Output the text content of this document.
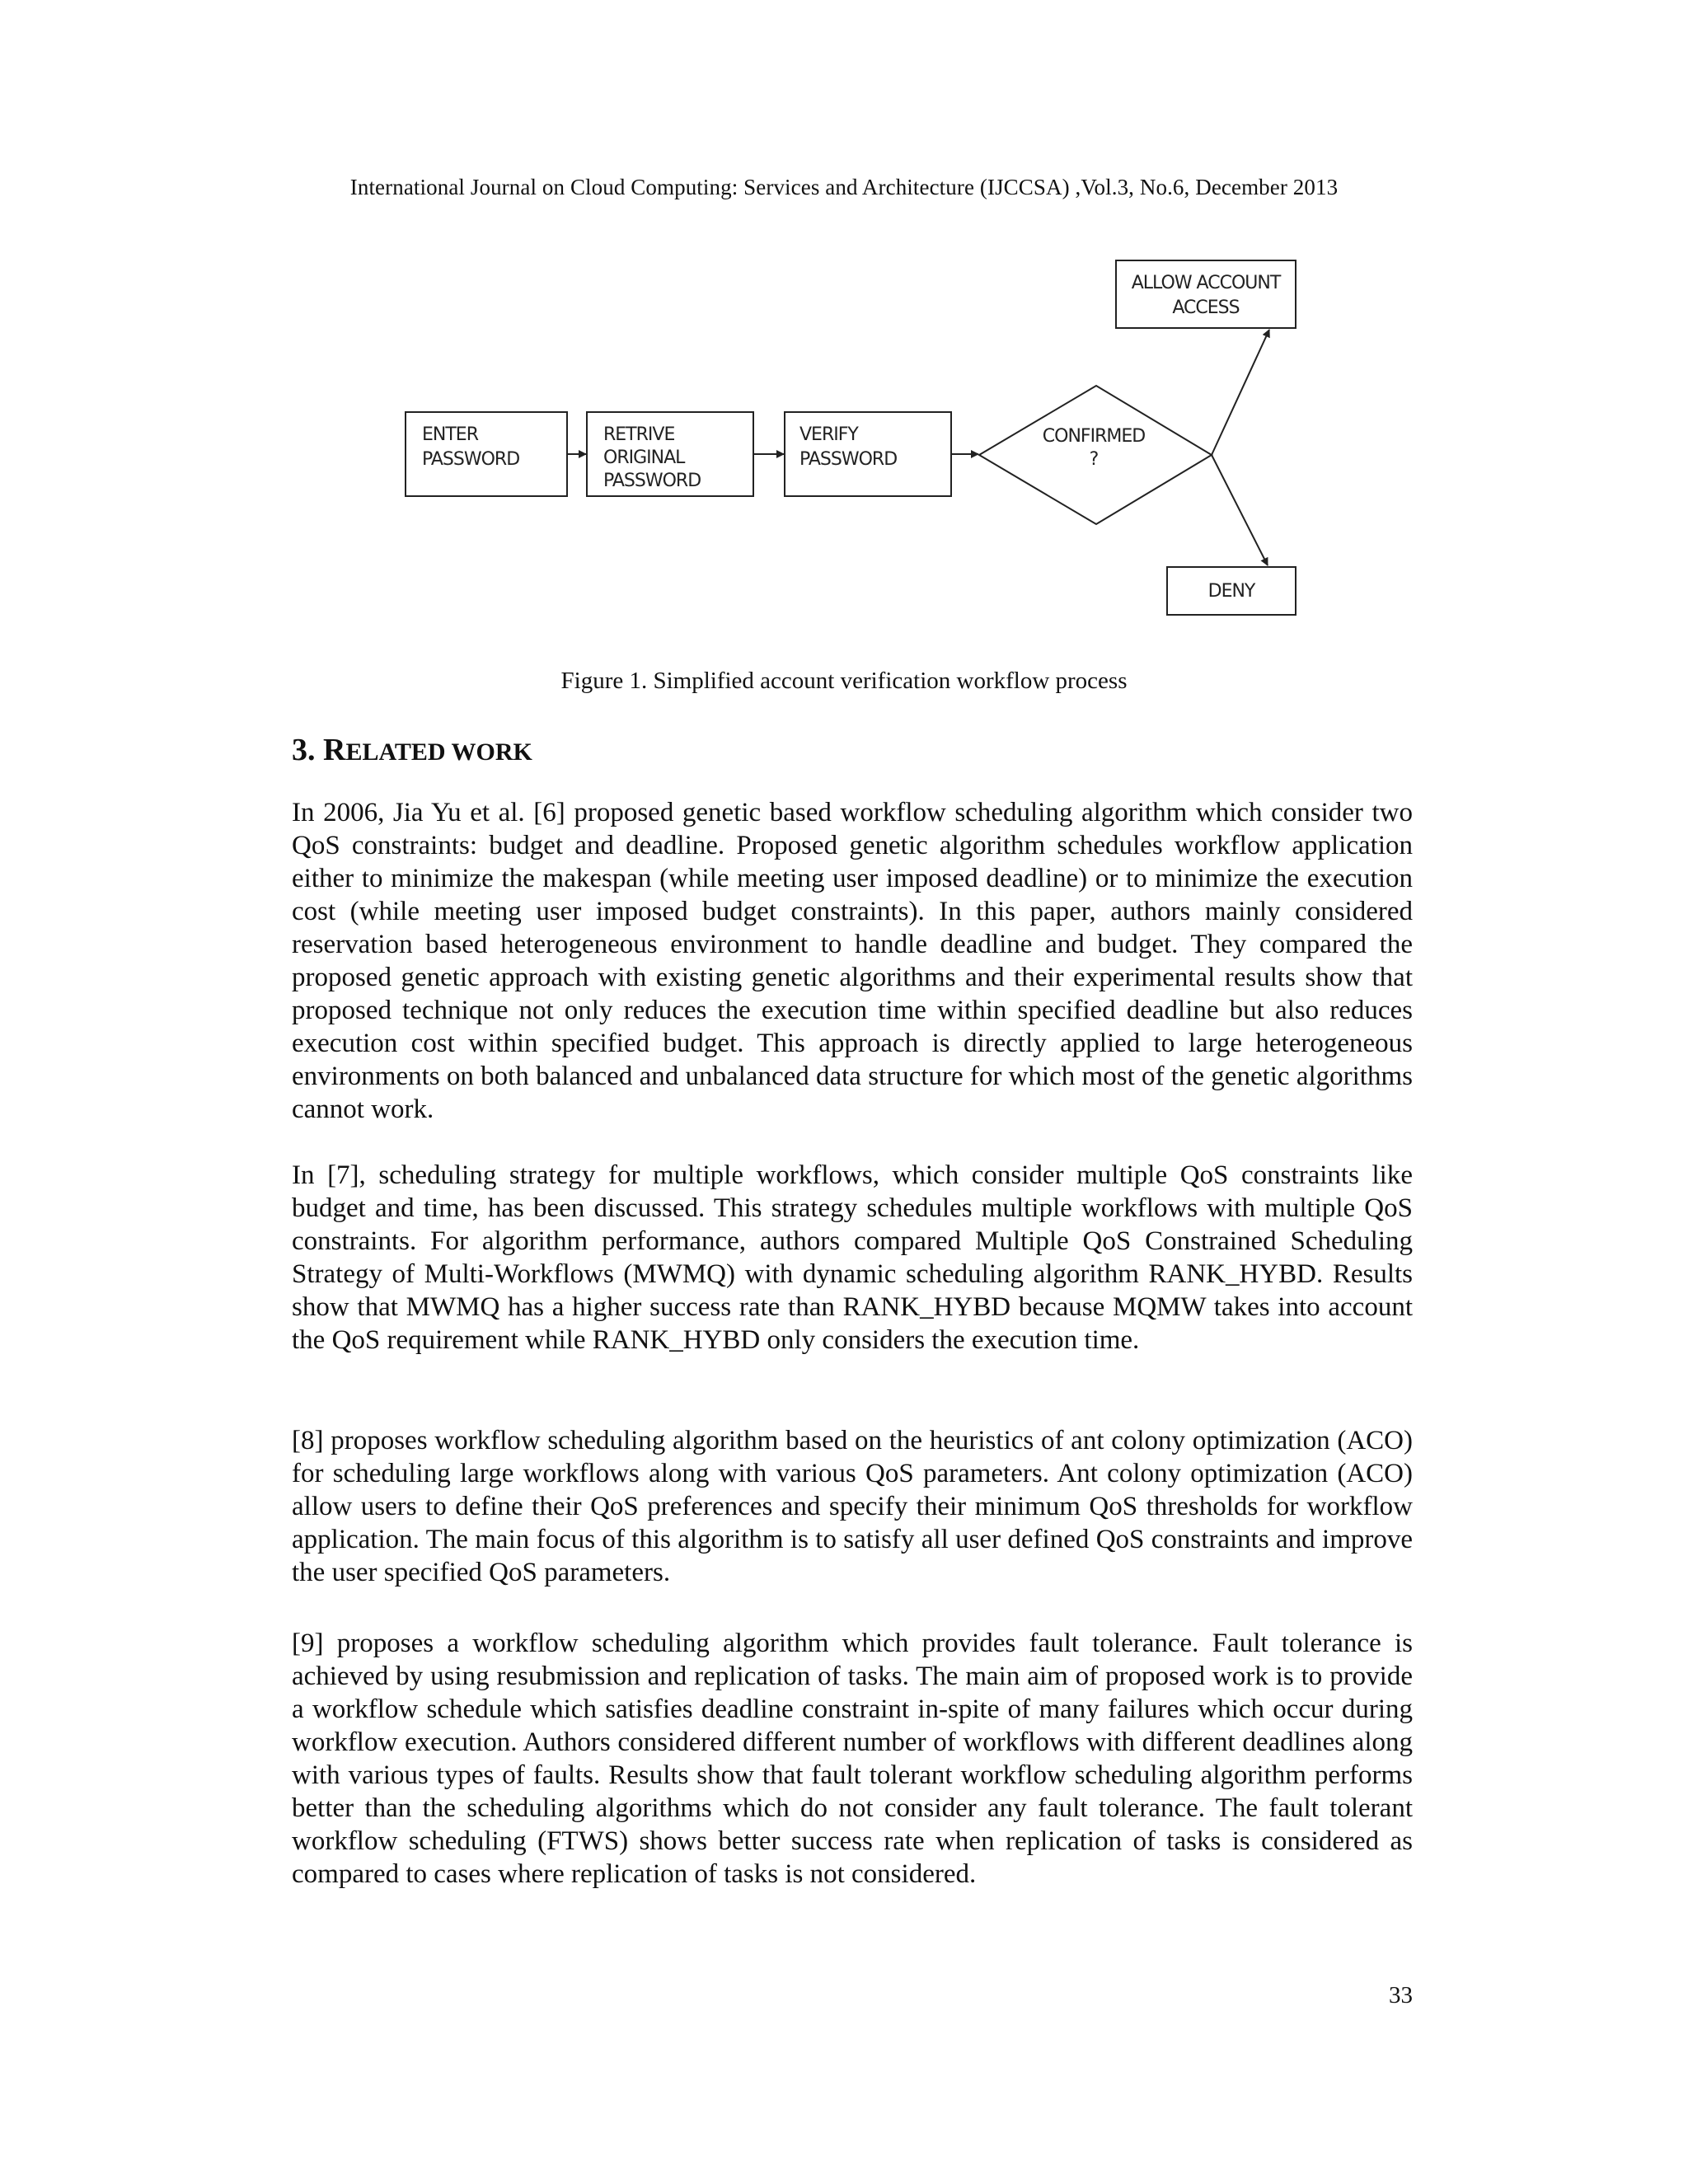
International Journal on Cloud Computing: Services and Architecture (IJCCSA) ,Vol.3, No.6, December 2013
ENTER
PASSWORD
RETRIVE
ORIGINAL
PASSWORD
VERIFY
PASSWORD
CONFIRMED
?
ALLOW ACCOUNT
ACCESS
DENY
Figure 1. Simplified account verification workflow process
3. RELATED WORK

In 2006, Jia Yu et al. [6] proposed genetic based workflow scheduling algorithm which consider two QoS constraints: budget and deadline. Proposed genetic algorithm schedules workflow application either to minimize the makespan (while meeting user imposed deadline) or to minimize the execution cost (while meeting user imposed budget constraints). In this paper, authors mainly considered reservation based heterogeneous environment to handle deadline and budget. They compared the proposed genetic approach with existing genetic algorithms and their experimental results show that proposed technique not only reduces the execution time within specified deadline but also reduces execution cost within specified budget. This approach is directly applied to large heterogeneous environments on both balanced and unbalanced data structure for which most of the genetic algorithms cannot work.

In [7], scheduling strategy for multiple workflows, which consider multiple QoS constraints like budget and time, has been discussed. This strategy schedules multiple workflows with multiple QoS constraints. For algorithm performance, authors compared Multiple QoS Constrained Scheduling Strategy of Multi-Workflows (MWMQ) with dynamic scheduling algorithm RANK_HYBD. Results show that MWMQ has a higher success rate than RANK_HYBD because MQMW takes into account the QoS requirement while RANK_HYBD only considers the execution time.

[8] proposes workflow scheduling algorithm based on the heuristics of ant colony optimization (ACO) for scheduling large workflows along with various QoS parameters. Ant colony optimization (ACO) allow users to define their QoS preferences and specify their minimum QoS thresholds for workflow application. The main focus of this algorithm is to satisfy all user defined QoS constraints and improve the user specified QoS parameters.

[9] proposes a workflow scheduling algorithm which provides fault tolerance. Fault tolerance is achieved by using resubmission and replication of tasks. The main aim of proposed work is to provide a workflow schedule which satisfies deadline constraint in-spite of many failures which occur during workflow execution. Authors considered different number of workflows with different deadlines along with various types of faults. Results show that fault tolerant workflow scheduling algorithm performs better than the scheduling algorithms which do not consider any fault tolerance. The fault tolerant workflow scheduling (FTWS) shows better success rate when replication of tasks is considered as compared to cases where replication of tasks is not considered.

33
